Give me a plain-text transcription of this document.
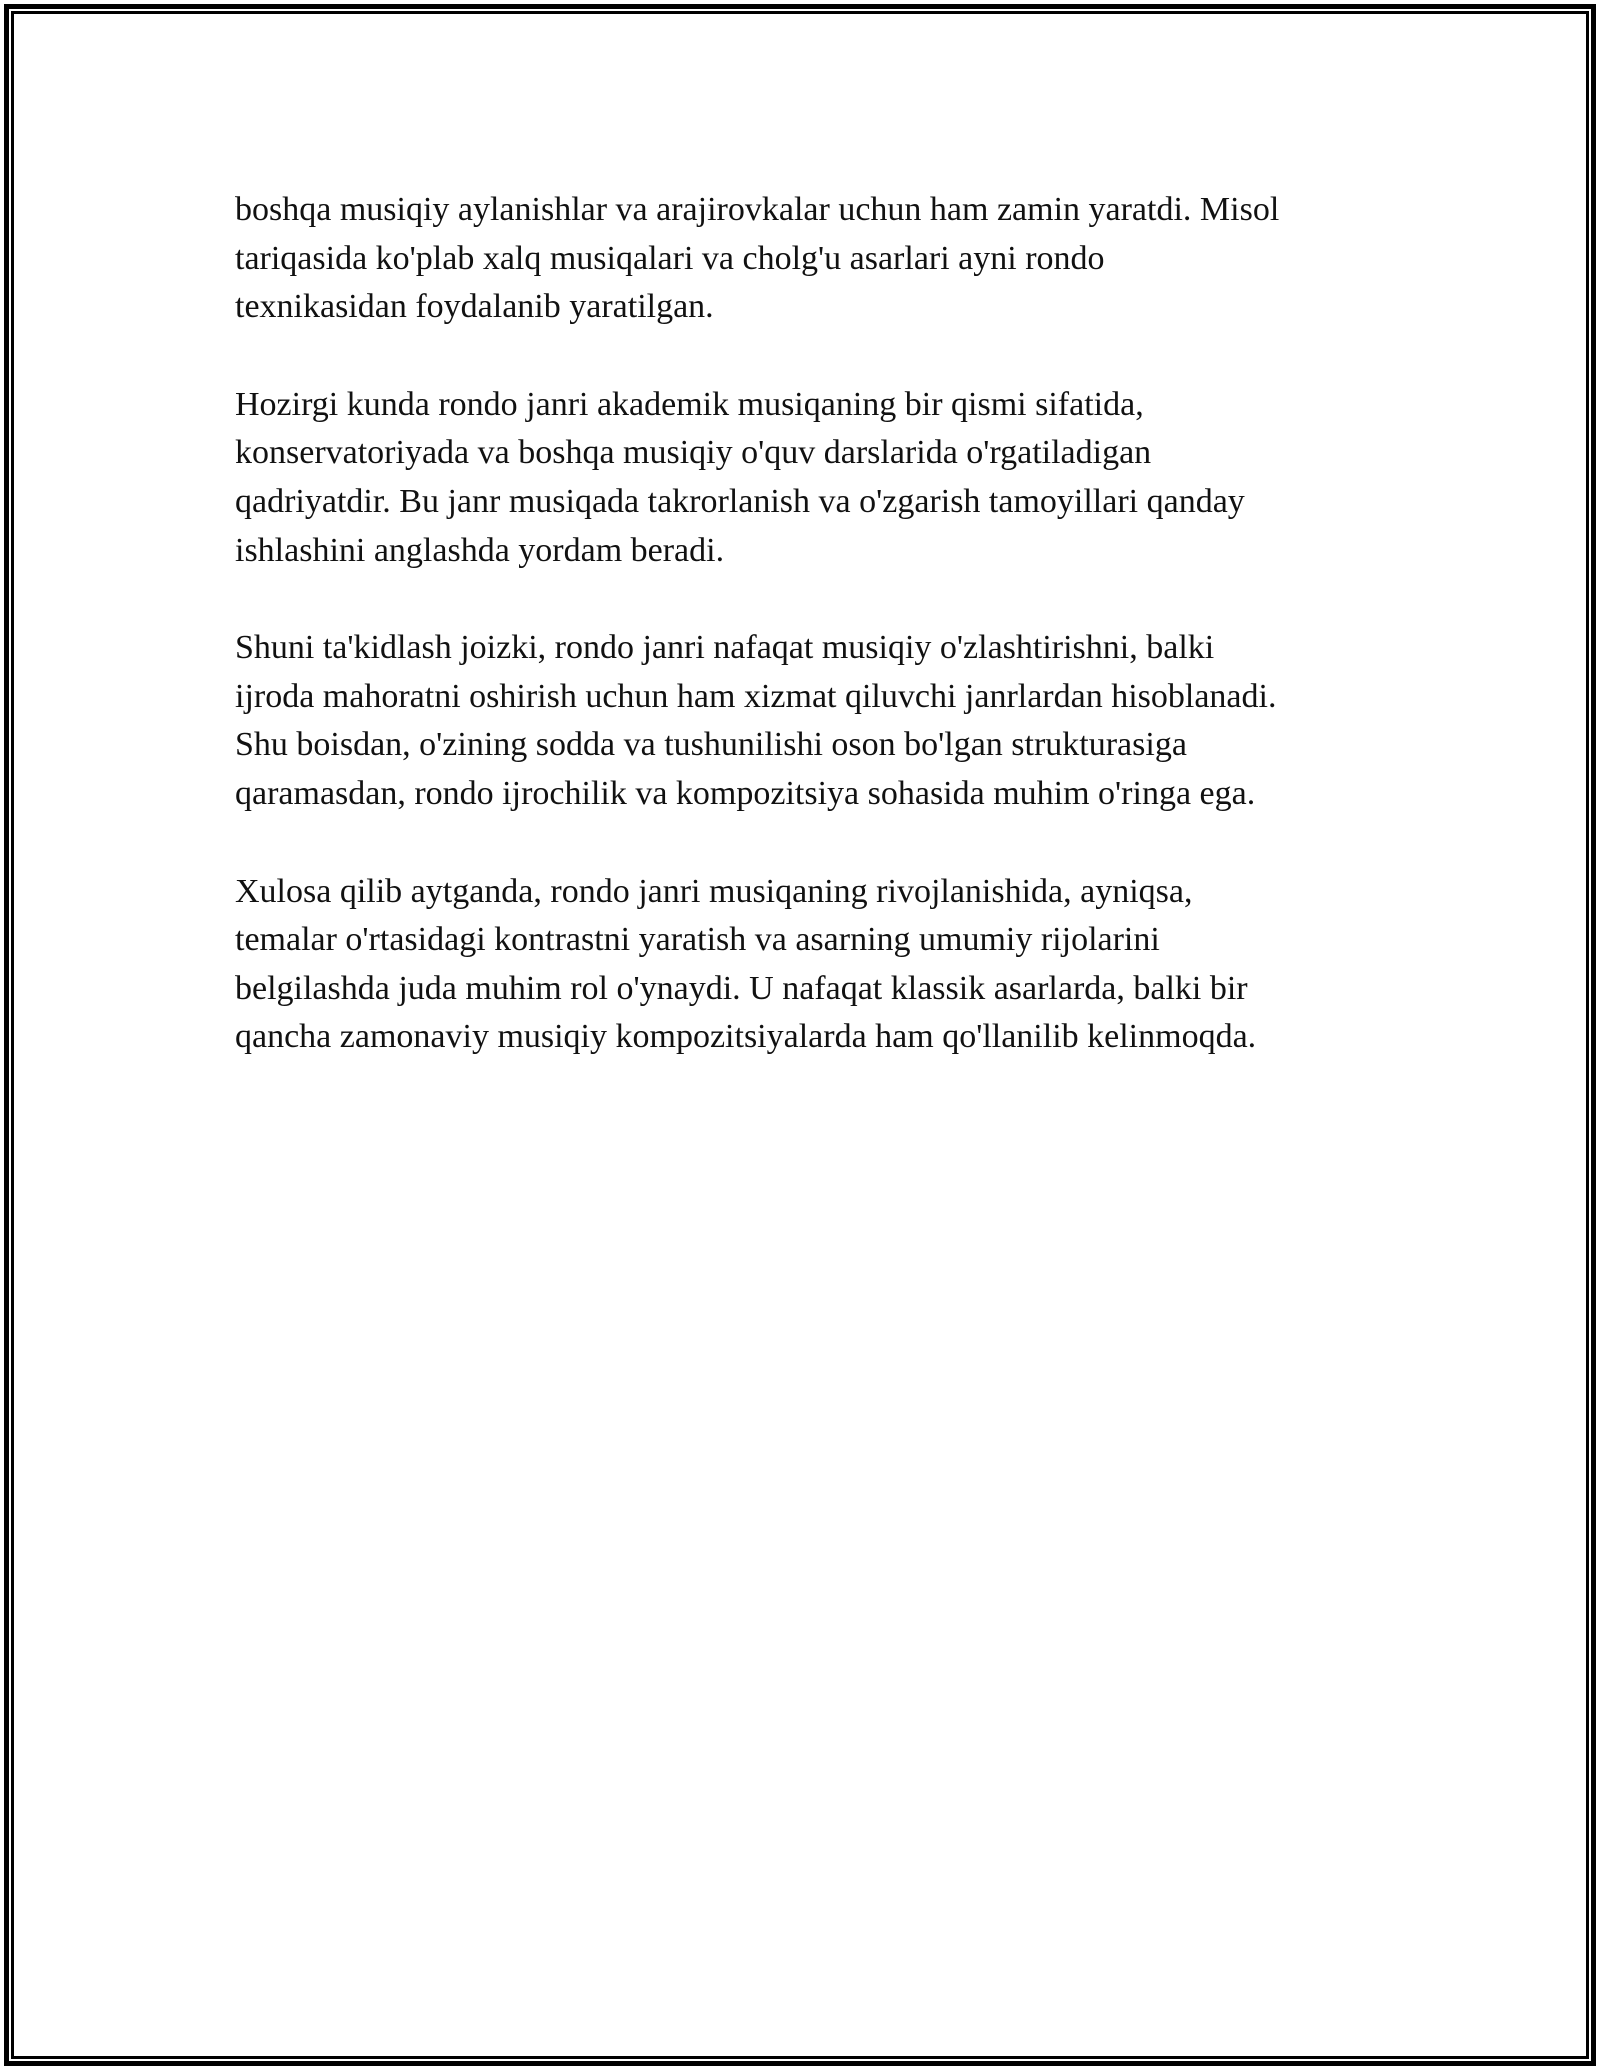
boshqa musiqiy aylanishlar va arajirovkalar uchun ham zamin yaratdi. Misol
tariqasida ko'plab xalq musiqalari va cholg'u asarlari ayni rondo
texnikasidan foydalanib yaratilgan.

Hozirgi kunda rondo janri akademik musiqaning bir qismi sifatida,
konservatoriyada va boshqa musiqiy o'quv darslarida o'rgatiladigan
qadriyatdir. Bu janr musiqada takrorlanish va o'zgarish tamoyillari qanday
ishlashini anglashda yordam beradi.

Shuni ta'kidlash joizki, rondo janri nafaqat musiqiy o'zlashtirishni, balki
ijroda mahoratni oshirish uchun ham xizmat qiluvchi janrlardan hisoblanadi.
Shu boisdan, o'zining sodda va tushunilishi oson bo'lgan strukturasiga
qaramasdan, rondo ijrochilik va kompozitsiya sohasida muhim o'ringa ega.

Xulosa qilib aytganda, rondo janri musiqaning rivojlanishida, ayniqsa,
temalar o'rtasidagi kontrastni yaratish va asarning umumiy rijolarini
belgilashda juda muhim rol o'ynaydi. U nafaqat klassik asarlarda, balki bir
qancha zamonaviy musiqiy kompozitsiyalarda ham qo'llanilib kelinmoqda.
